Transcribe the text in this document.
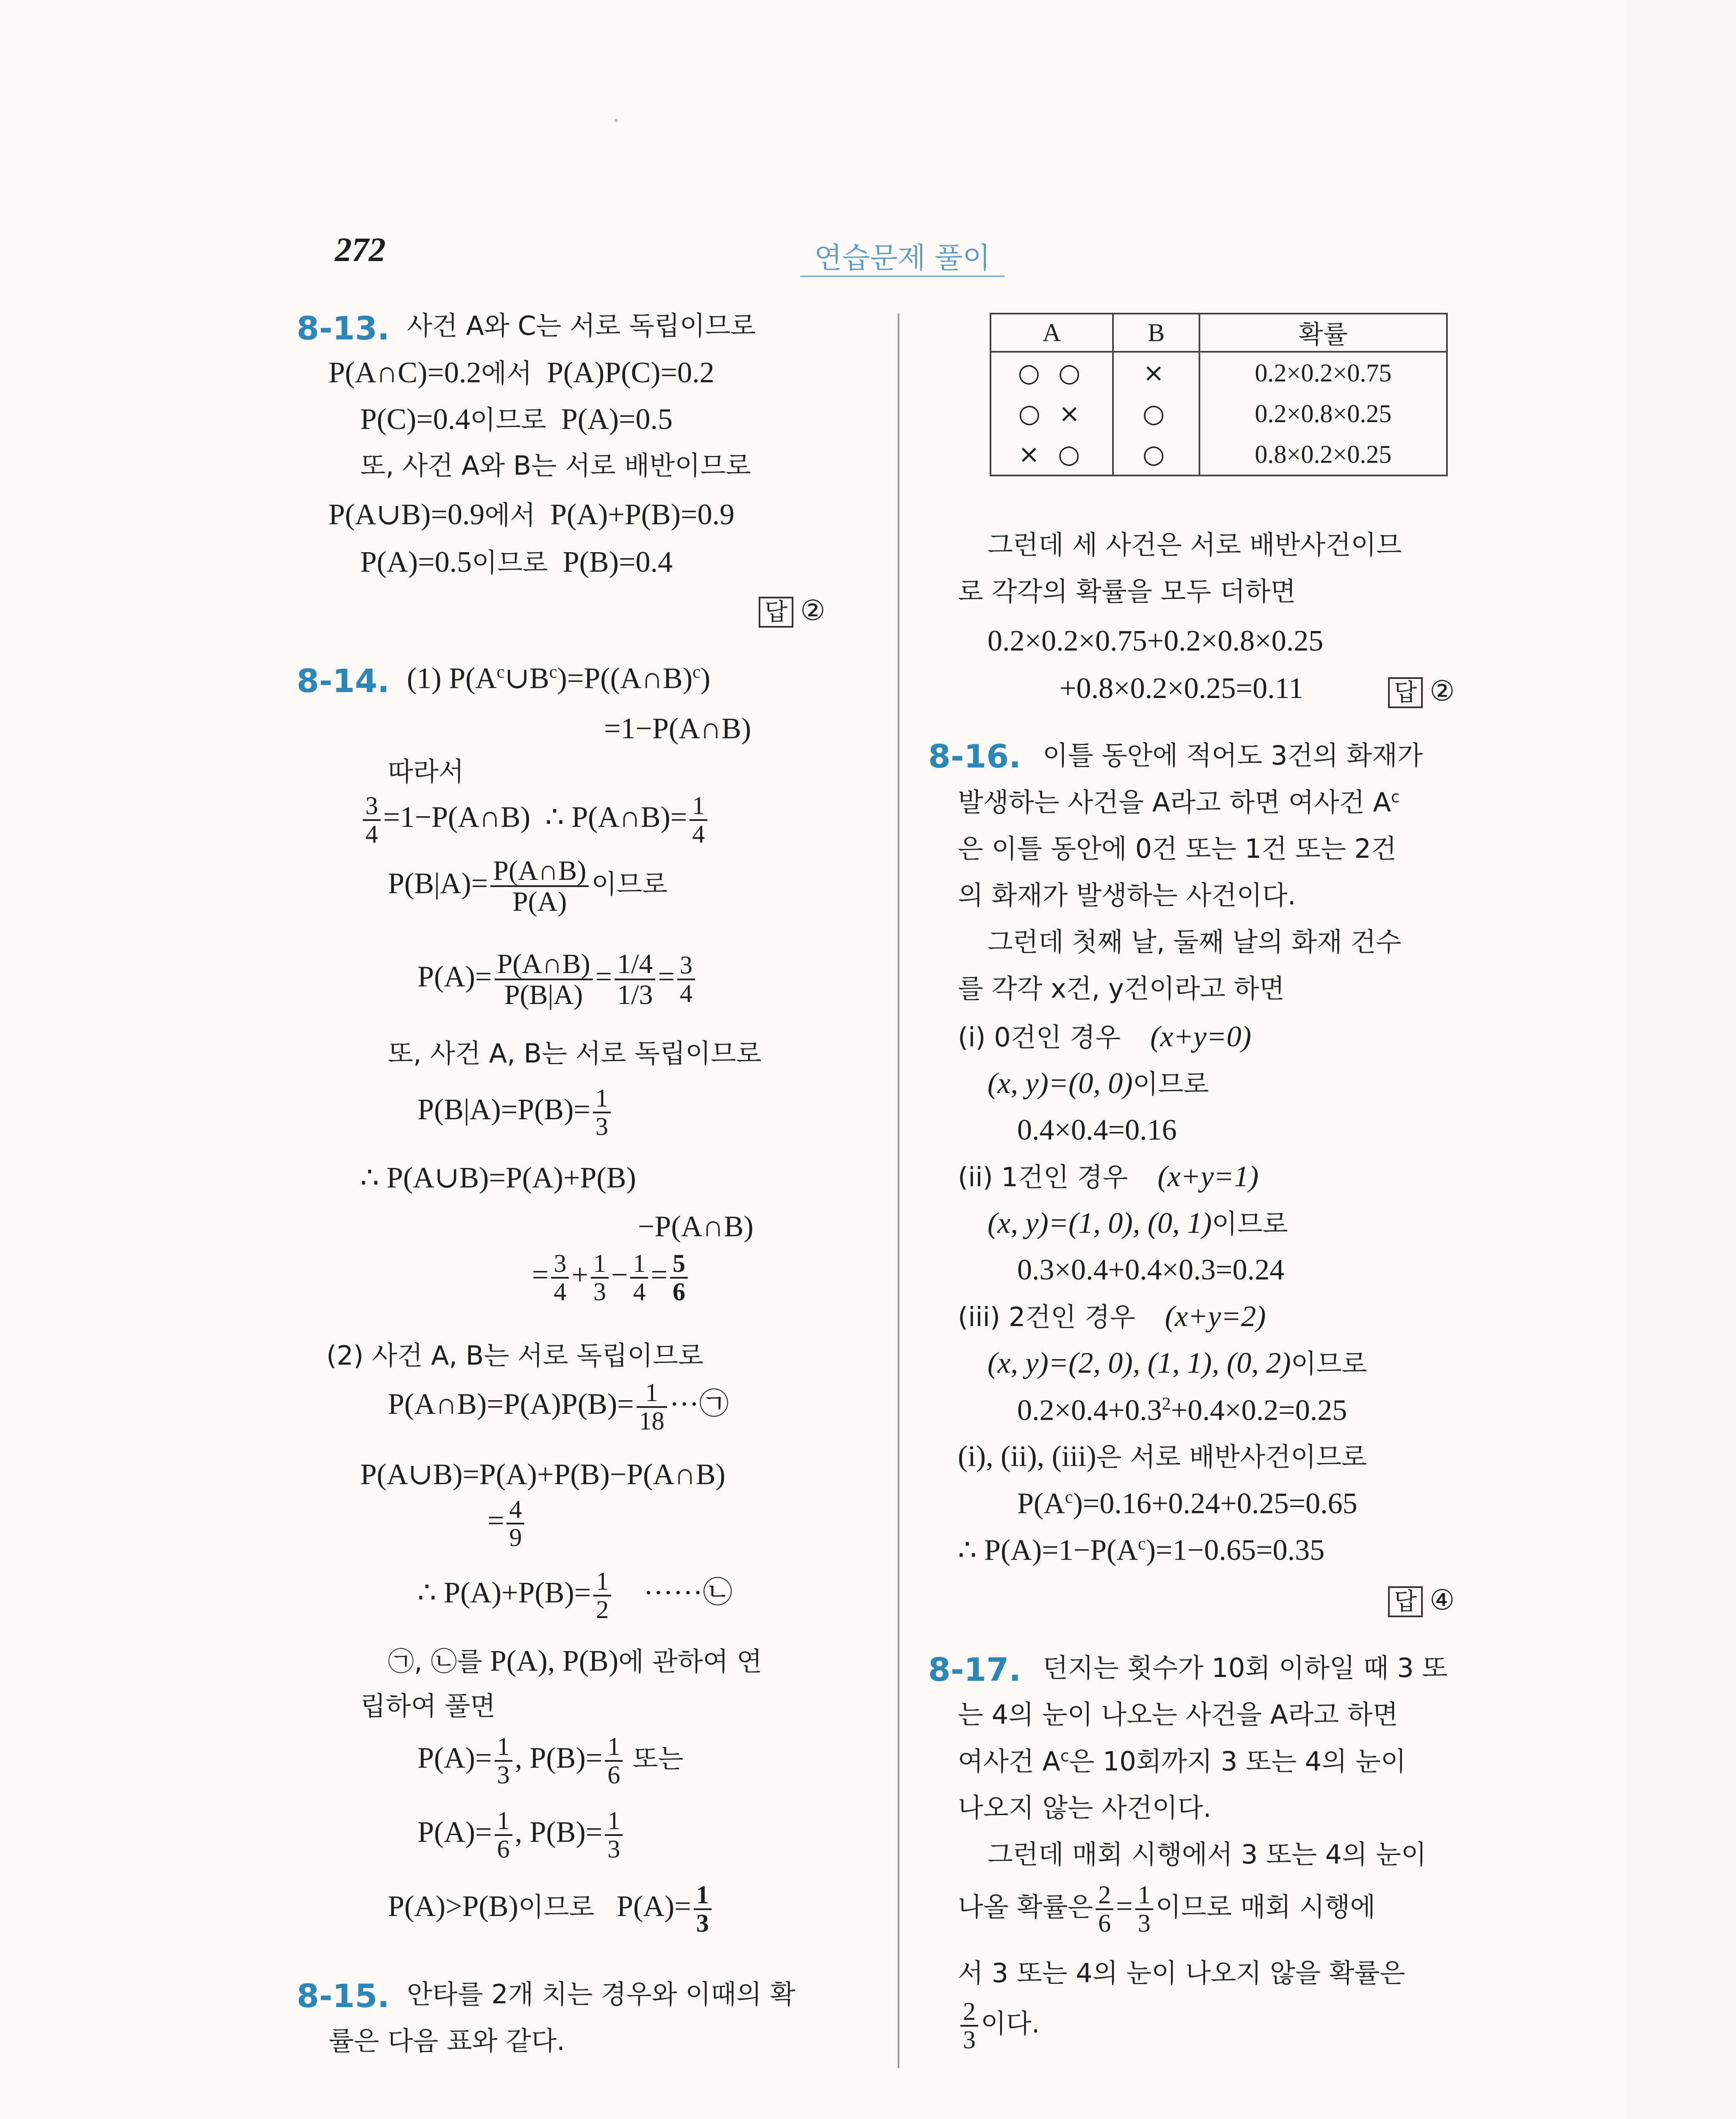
272	연습문제 풀이
8-13. 사건 A와 C는 서로 독립이므로
P(A∩C)=0.2에서 P(A)P(C)=0.2
P(C)=0.4이므로 P(A)=0.5
또, 사건 A와 B는 서로 배반이므로
P(A∪B)=0.9에서 P(A)+P(B)=0.9
P(A)=0.5이므로 P(B)=0.4
답 ②
8-14. (1) $P(A^c\cup B^c)=P((A\cap B)^c)$
=1−P(A∩B)
따라서
$\frac{3}{4}$ =1−P(A∩B) ∴ P(A∩B)= $\frac{1}{4}$
$P(B|A)= \frac{P(A\cap B)}{P(A)}$ 이므로
$P(A)= \frac{P(A\cap B)}{P(B|A)} = \frac{1/4}{1/3} = \frac{3}{4}$
또, 사건 A, B는 서로 독립이므로
$P(B|A)=P(B)= \frac{1}{3}$
∴ P(A∪B)=P(A)+P(B)
−P(A∩B)
= $\frac{3}{4} + \frac{1}{3} - \frac{1}{4} = \frac{5}{6}$
(2) 사건 A, B는 서로 독립이므로
P(A∩B)=P(A)P(B)= $\frac{1}{18}$ ···㉠
P(A∪B)=P(A)+P(B)−P(A∩B)
= $\frac{4}{9}$
∴ $P(A)+P(B)= \frac{1}{2}$ ······㉡
㉠, ㉡를 P(A), P(B)에 관하여 연
립하여 풀면
$P(A)= \frac{1}{3}$ , $P(B)= \frac{1}{6}$ 또는
$P(A)= \frac{1}{6}$ , $P(B)= \frac{1}{3}$
P(A)>P(B)이므로 $P(A)= \frac{1}{3}$
8-15. 안타를 2개 치는 경우와 이때의 확
률은 다음 표와 같다.
A	B	확률
○ ○	×	0.2×0.2×0.75
○ ×	○	0.2×0.8×0.25
× ○	○	0.8×0.2×0.25
그런데 세 사건은 서로 배반사건이므
로 각각의 확률을 모두 더하면
0.2×0.2×0.75+0.2×0.8×0.25
+0.8×0.2×0.25=0.11	답 ②
8-16. 이틀 동안에 적어도 3건의 화재가
발생하는 사건을 A라고 하면 여사건 $A^c$
은 이틀 동안에 0건 또는 1건 또는 2건
의 화재가 발생하는 사건이다.
그런데 첫째 날, 둘째 날의 화재 건수
를 각각 x건, y건이라고 하면
(i) 0건인 경우 (x+y=0)
(x, y)=(0, 0)이므로
0.4×0.4=0.16
(ii) 1건인 경우 (x+y=1)
(x, y)=(1, 0), (0, 1)이므로
0.3×0.4+0.4×0.3=0.24
(iii) 2건인 경우 (x+y=2)
(x, y)=(2, 0), (1, 1), (0, 2)이므로
$0.2\times 0.4+0.3^2+0.4\times 0.2=0.25$
(i), (ii), (iii)은 서로 배반사건이므로
$P(A^c)=0.16+0.24+0.25=0.65$
∴ $P(A)=1-P(A^c)=1-0.65=0.35$
답 ④
8-17. 던지는 횟수가 10회 이하일 때 3 또
는 4의 눈이 나오는 사건을 A라고 하면
여사건 $A^c$은 10회까지 3 또는 4의 눈이
나오지 않는 사건이다.
그런데 매회 시행에서 3 또는 4의 눈이
나올 확률은 $\frac{2}{6} = \frac{1}{3}$ 이므로 매회 시행에
서 3 또는 4의 눈이 나오지 않을 확률은
$\frac{2}{3}$ 이다.
